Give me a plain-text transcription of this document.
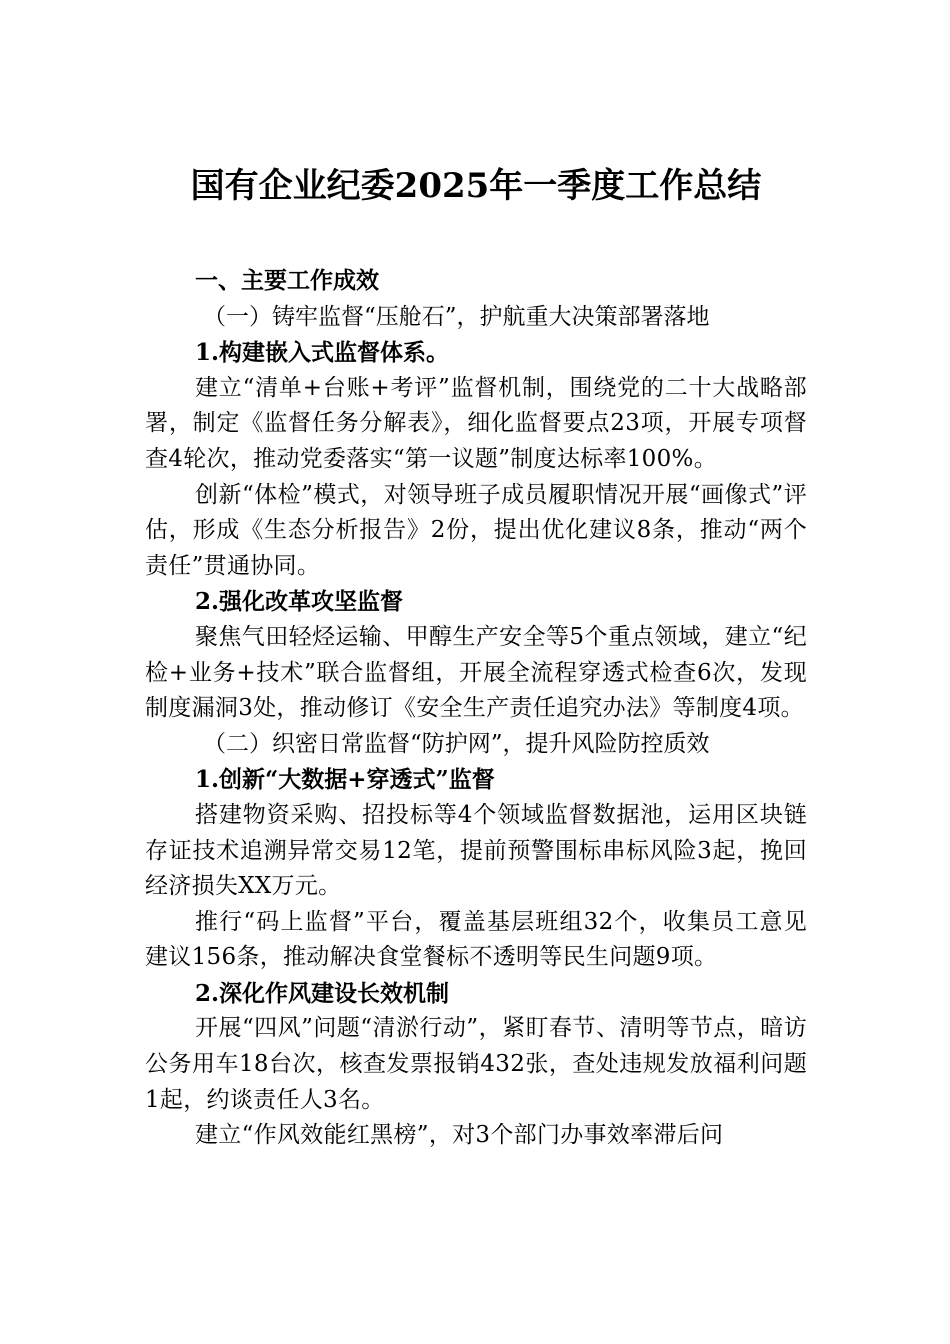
国有企业纪委2025年一季度工作总结

一、主要工作成效

（一）铸牢监督“压舱石”，护航重大决策部署落地

1.构建嵌入式监督体系。

建立“清单+台账+考评”监督机制，围绕党的二十大战略部署，制定《监督任务分解表》，细化监督要点23项，开展专项督查4轮次，推动党委落实“第一议题”制度达标率100%。

创新“体检”模式，对领导班子成员履职情况开展“画像式”评估，形成《生态分析报告》2份，提出优化建议8条，推动“两个责任”贯通协同。

2.强化改革攻坚监督

聚焦气田轻烃运输、甲醇生产安全等5个重点领域，建立“纪检+业务+技术”联合监督组，开展全流程穿透式检查6次，发现制度漏洞3处，推动修订《安全生产责任追究办法》等制度4项。

（二）织密日常监督“防护网”，提升风险防控质效

1.创新“大数据+穿透式”监督

搭建物资采购、招投标等4个领域监督数据池，运用区块链存证技术追溯异常交易12笔，提前预警围标串标风险3起，挽回经济损失XX万元。

推行“码上监督”平台，覆盖基层班组32个，收集员工意见建议156条，推动解决食堂餐标不透明等民生问题9项。

2.深化作风建设长效机制

开展“四风”问题“清淤行动”，紧盯春节、清明等节点，暗访公务用车18台次，核查发票报销432张，查处违规发放福利问题1起，约谈责任人3名。

建立“作风效能红黑榜”，对3个部门办事效率滞后问
